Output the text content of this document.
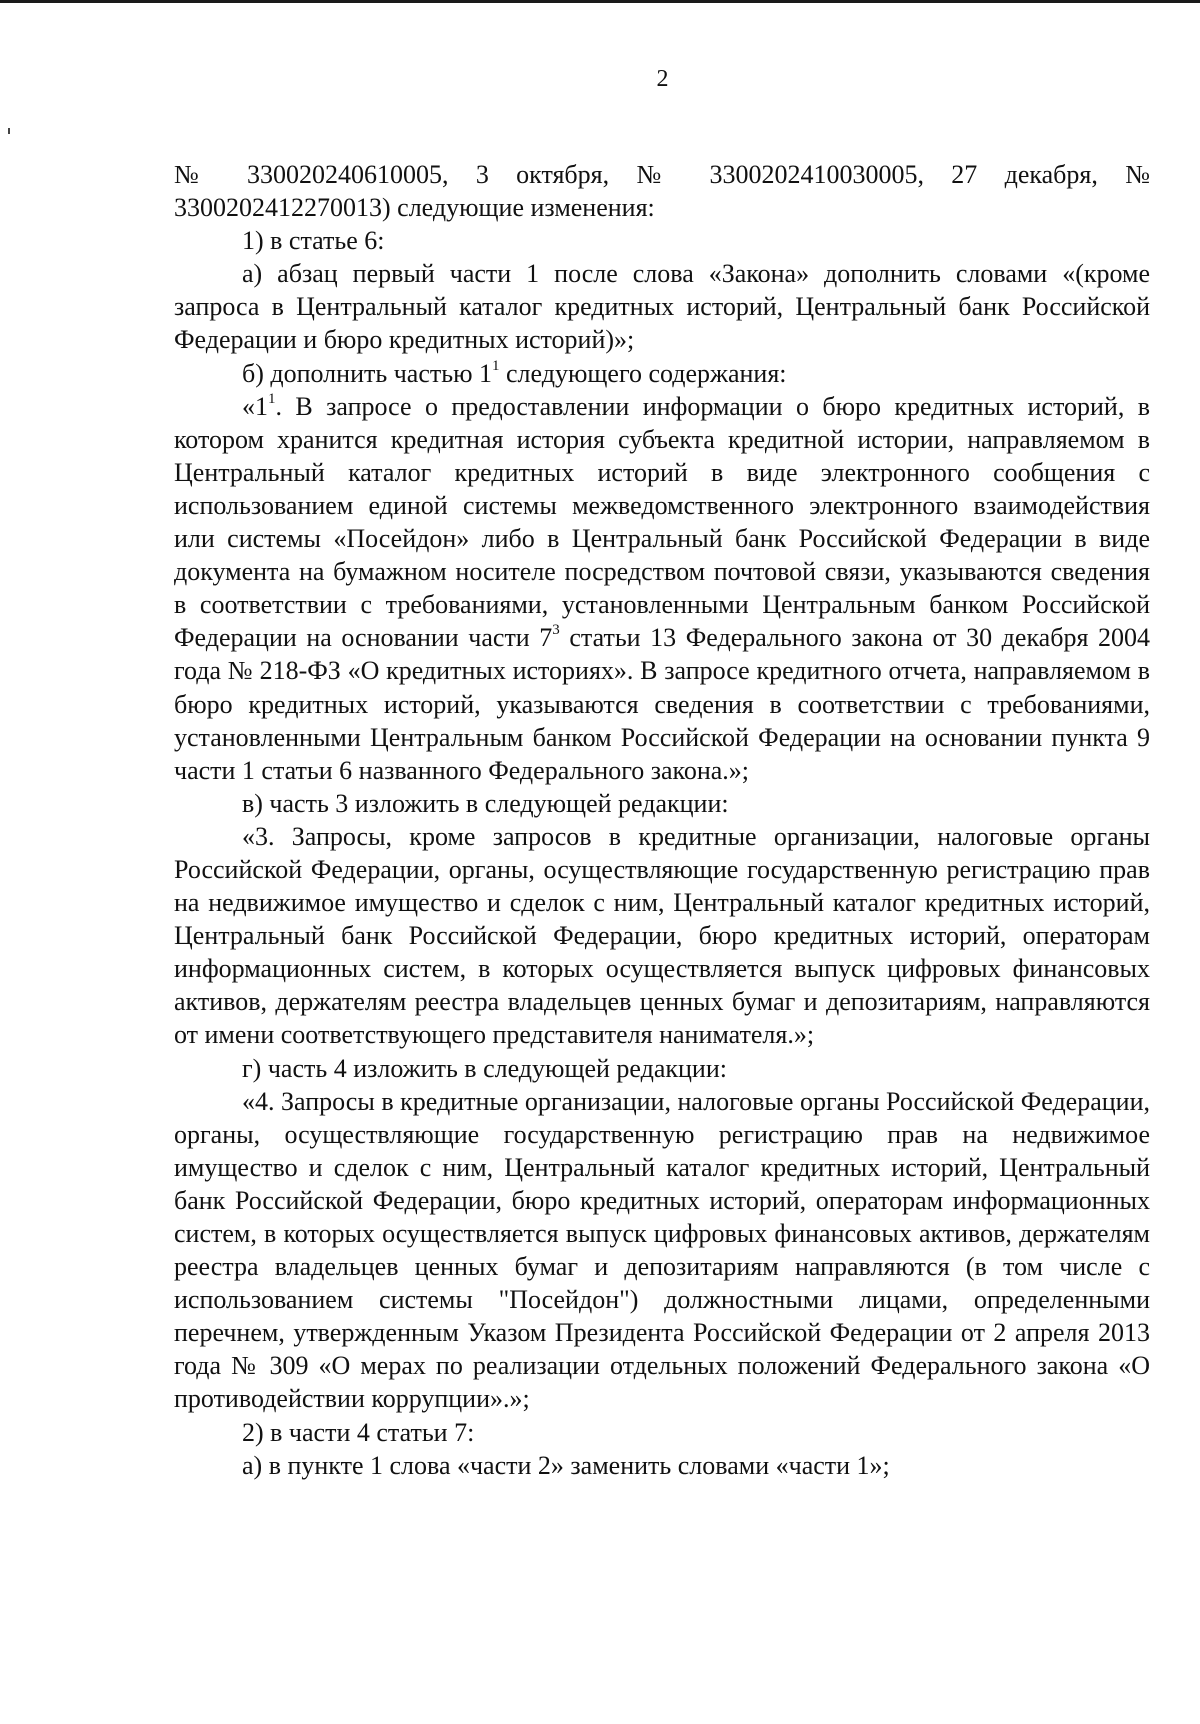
2

№ 330020240610005, 3 октября, № 3300202410030005, 27 декабря, № 3300202412270013) следующие изменения:

1) в статье 6:

а) абзац первый части 1 после слова «Закона» дополнить словами «(кроме запроса в Центральный каталог кредитных историй, Центральный банк Российской Федерации и бюро кредитных историй)»;

б) дополнить частью $1^1$ следующего содержания:

«$1^1$. В запросе о предоставлении информации о бюро кредитных историй, в котором хранится кредитная история субъекта кредитной истории, направляемом в Центральный каталог кредитных историй в виде электронного сообщения с использованием единой системы межведомственного электронного взаимодействия или системы «Посейдон» либо в Центральный банк Российской Федерации в виде документа на бумажном носителе посредством почтовой связи, указываются сведения в соответствии с требованиями, установленными Центральным банком Российской Федерации на основании части $7^3$ статьи 13 Федерального закона от 30 декабря 2004 года № 218-ФЗ «О кредитных историях». В запросе кредитного отчета, направляемом в бюро кредитных историй, указываются сведения в соответствии с требованиями, установленными Центральным банком Российской Федерации на основании пункта 9 части 1 статьи 6 названного Федерального закона.»;

в) часть 3 изложить в следующей редакции:

«3. Запросы, кроме запросов в кредитные организации, налоговые органы Российской Федерации, органы, осуществляющие государственную регистрацию прав на недвижимое имущество и сделок с ним, Центральный каталог кредитных историй, Центральный банк Российской Федерации, бюро кредитных историй, операторам информационных систем, в которых осуществляется выпуск цифровых финансовых активов, держателям реестра владельцев ценных бумаг и депозитариям, направляются от имени соответствующего представителя нанимателя.»;

г) часть 4 изложить в следующей редакции:

«4. Запросы в кредитные организации, налоговые органы Российской Федерации, органы, осуществляющие государственную регистрацию прав на недвижимое имущество и сделок с ним, Центральный каталог кредитных историй, Центральный банк Российской Федерации, бюро кредитных историй, операторам информационных систем, в которых осуществляется выпуск цифровых финансовых активов, держателям реестра владельцев ценных бумаг и депозитариям направляются (в том числе с использованием системы "Посейдон") должностными лицами, определенными перечнем, утвержденным Указом Президента Российской Федерации от 2 апреля 2013 года № 309 «О мерах по реализации отдельных положений Федерального закона «О противодействии коррупции».»;

2) в части 4 статьи 7:

а) в пункте 1 слова «части 2» заменить словами «части 1»;
